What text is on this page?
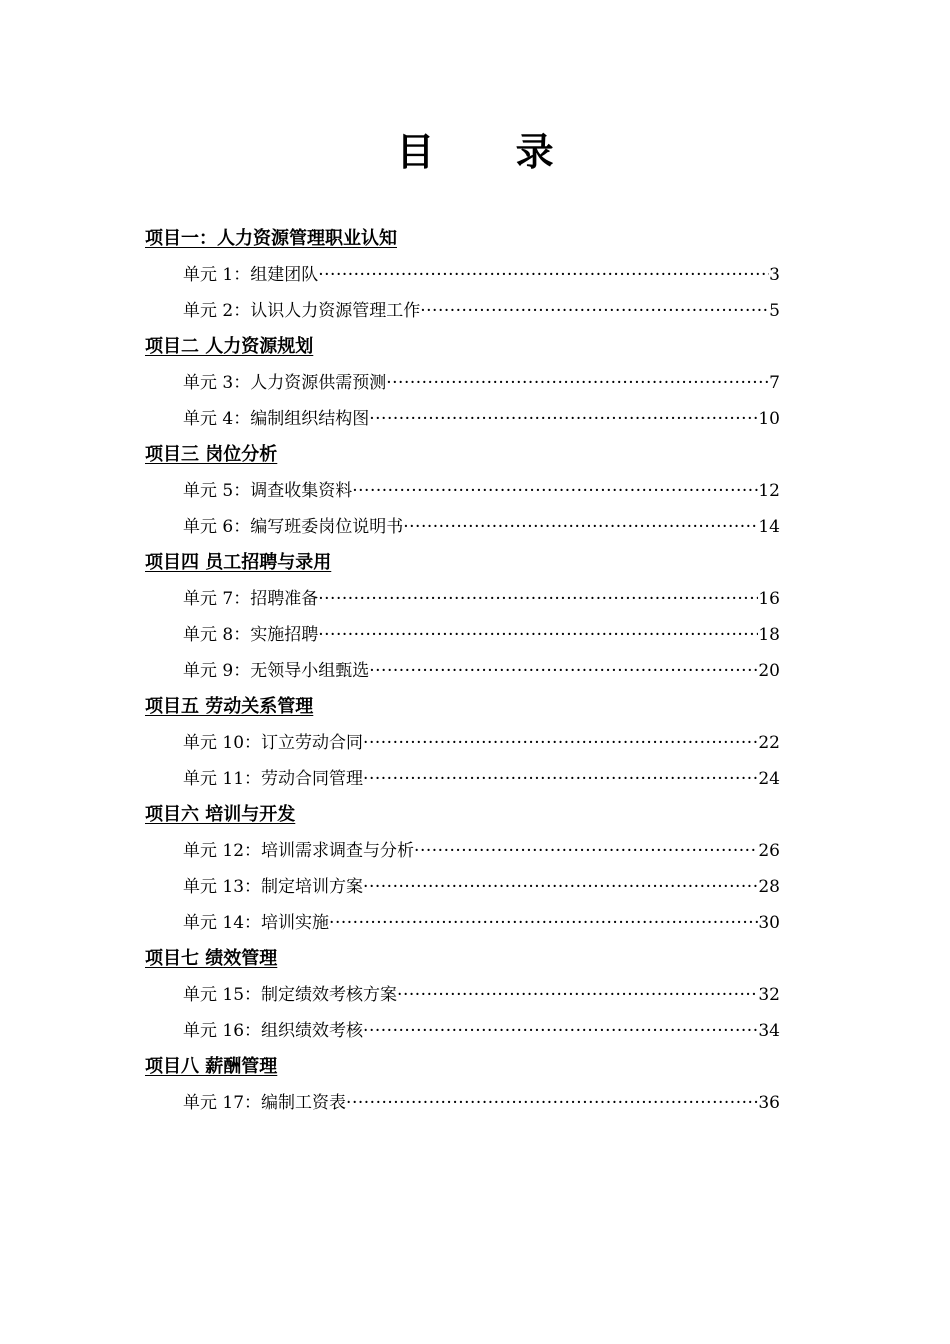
目 录
项目一：人力资源管理职业认知
单元 1：组建团队 ·····	3
单元 2：认识人力资源管理工作 ·····	5
项目二 人力资源规划
单元 3：人力资源供需预测 ·····	7
单元 4：编制组织结构图 ·····	10
项目三 岗位分析
单元 5：调查收集资料 ·····	12
单元 6：编写班委岗位说明书 ·····	14
项目四 员工招聘与录用
单元 7：招聘准备 ·····	16
单元 8：实施招聘 ·····	18
单元 9：无领导小组甄选 ·····	20
项目五 劳动关系管理
单元 10：订立劳动合同 ·····	22
单元 11：劳动合同管理 ·····	24
项目六 培训与开发
单元 12：培训需求调查与分析 ·····	26
单元 13：制定培训方案 ·····	28
单元 14：培训实施 ·····	30
项目七 绩效管理
单元 15：制定绩效考核方案 ·····	32
单元 16：组织绩效考核 ·····	34
项目八 薪酬管理
单元 17：编制工资表 ·····	36
